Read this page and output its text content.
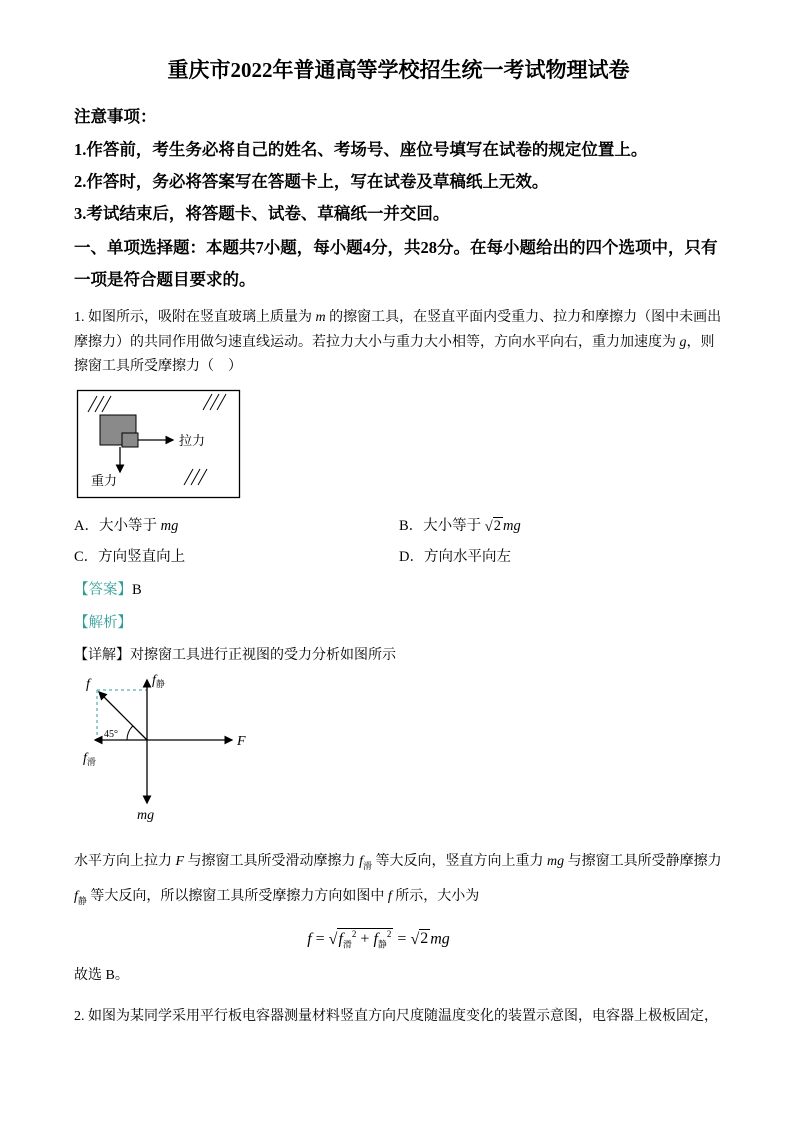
重庆市2022年普通高等学校招生统一考试物理试卷

注意事项：

1.作答前，考生务必将自己的姓名、考场号、座位号填写在试卷的规定位置上。

2.作答时，务必将答案写在答题卡上，写在试卷及草稿纸上无效。

3.考试结束后，将答题卡、试卷、草稿纸一并交回。

一、单项选择题：本题共7小题，每小题4分，共28分。在每小题给出的四个选项中，只有一项是符合题目要求的。

1. 如图所示，吸附在竖直玻璃上质量为 m 的擦窗工具，在竖直平面内受重力、拉力和摩擦力（图中未画出摩擦力）的共同作用做匀速直线运动。若拉力大小与重力大小相等，方向水平向右，重力加速度为 g，则擦窗工具所受摩擦力（　）

拉力
重力
A．大小等于 mg	B．大小等于 √2 mg
C．方向竖直向上	D．方向水平向左

【答案】B

【解析】

【详解】对擦窗工具进行正视图的受力分析如图所示

45°
f	$f_静$
$f_滑$
F
mg

水平方向上拉力 F 与擦窗工具所受滑动摩擦力 $f_滑$ 等大反向，竖直方向上重力 mg 与擦窗工具所受静摩擦力 $f_静$ 等大反向，所以擦窗工具所受摩擦力方向如图中 f 所示，大小为

$f = √f_滑^2 + f_静^2 = √2$ mg

故选 B。

2. 如图为某同学采用平行板电容器测量材料竖直方向尺度随温度变化的装置示意图，电容器上极板固定，
